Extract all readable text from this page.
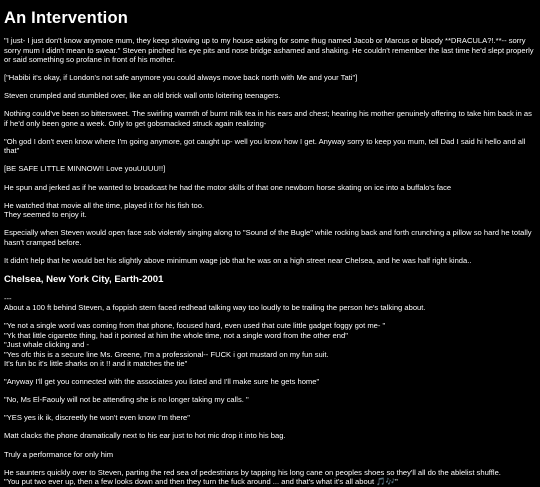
An Intervention

"I just- I just don't know anymore mum, they keep showing up to my house asking for some thug named Jacob or Marcus or bloody **DRACULA?!.**-- sorry sorry mum I didn't mean to swear." Steven pinched his eye pits and nose bridge ashamed and shaking. He couldn't remember the last time he'd slept properly or said something so profane in front of his mother.

["Habibi it's okay, if London's not safe anymore you could always move back north with Me and your Tati"]

Steven crumpled and stumbled over, like an old brick wall onto loitering teenagers.

Nothing could've been so bittersweet. The swirling warmth of burnt milk tea in his ears and chest; hearing his mother genuinely offering to take him back in as if he'd only been gone a week. Only to get gobsmacked struck again realizing-

"Oh god I don't even know where I'm going anymore, got caught up- well you know how I get. Anyway sorry to keep you mum, tell Dad I said hi hello and all that"

[BE SAFE LITTLE MINNOW!! Love youUUUU!!]

He spun and jerked as if he wanted to broadcast he had the motor skills of that one newborn horse skating on ice into a buffalo's face

He watched that movie all the time, played it for his fish too.
They seemed to enjoy it.

Especially when Steven would open face sob violently singing along to "Sound of the Bugle" while rocking back and forth crunching a pillow so hard he totally hasn't cramped before.

It didn't help that he would bet his slightly above minimum wage job that he was on a high street near Chelsea, and he was half right kinda..

Chelsea, New York City, Earth-2001

---

About a 100 ft behind Steven, a foppish stern faced redhead talking way too loudly to be trailing the person he's talking about.

"Ye not a single word was coming from that phone, focused hard, even used that cute little gadget foggy got me- "
"Yk that little cigarette thing, had it pointed at him the whole time, not a single word from the other end"
"Just whale clicking and -
"Yes ofc this is a secure line Ms. Greene, I'm a professional-- FUCK i got mustard on my fun suit.
It's fun bc it's little sharks on it !! and it matches the tie"

"Anyway I'll get you connected with the associates you listed and I'll make sure he gets home"

"No, Ms El-Faouly will not be attending she is no longer taking my calls. "

"YES yes ik ik, discreetly he won't even know I'm there"

Matt clacks the phone dramatically next to his ear just to hot mic drop it into his bag.

Truly a performance for only him

He saunters quickly over to Steven, parting the red sea of pedestrians by tapping his long cane on peoples shoes so they'll all do the ablelist shuffle.
"You put two ever up, then a few looks down and then they turn the fuck around ... and that's what it's all about 🎵🎶"
